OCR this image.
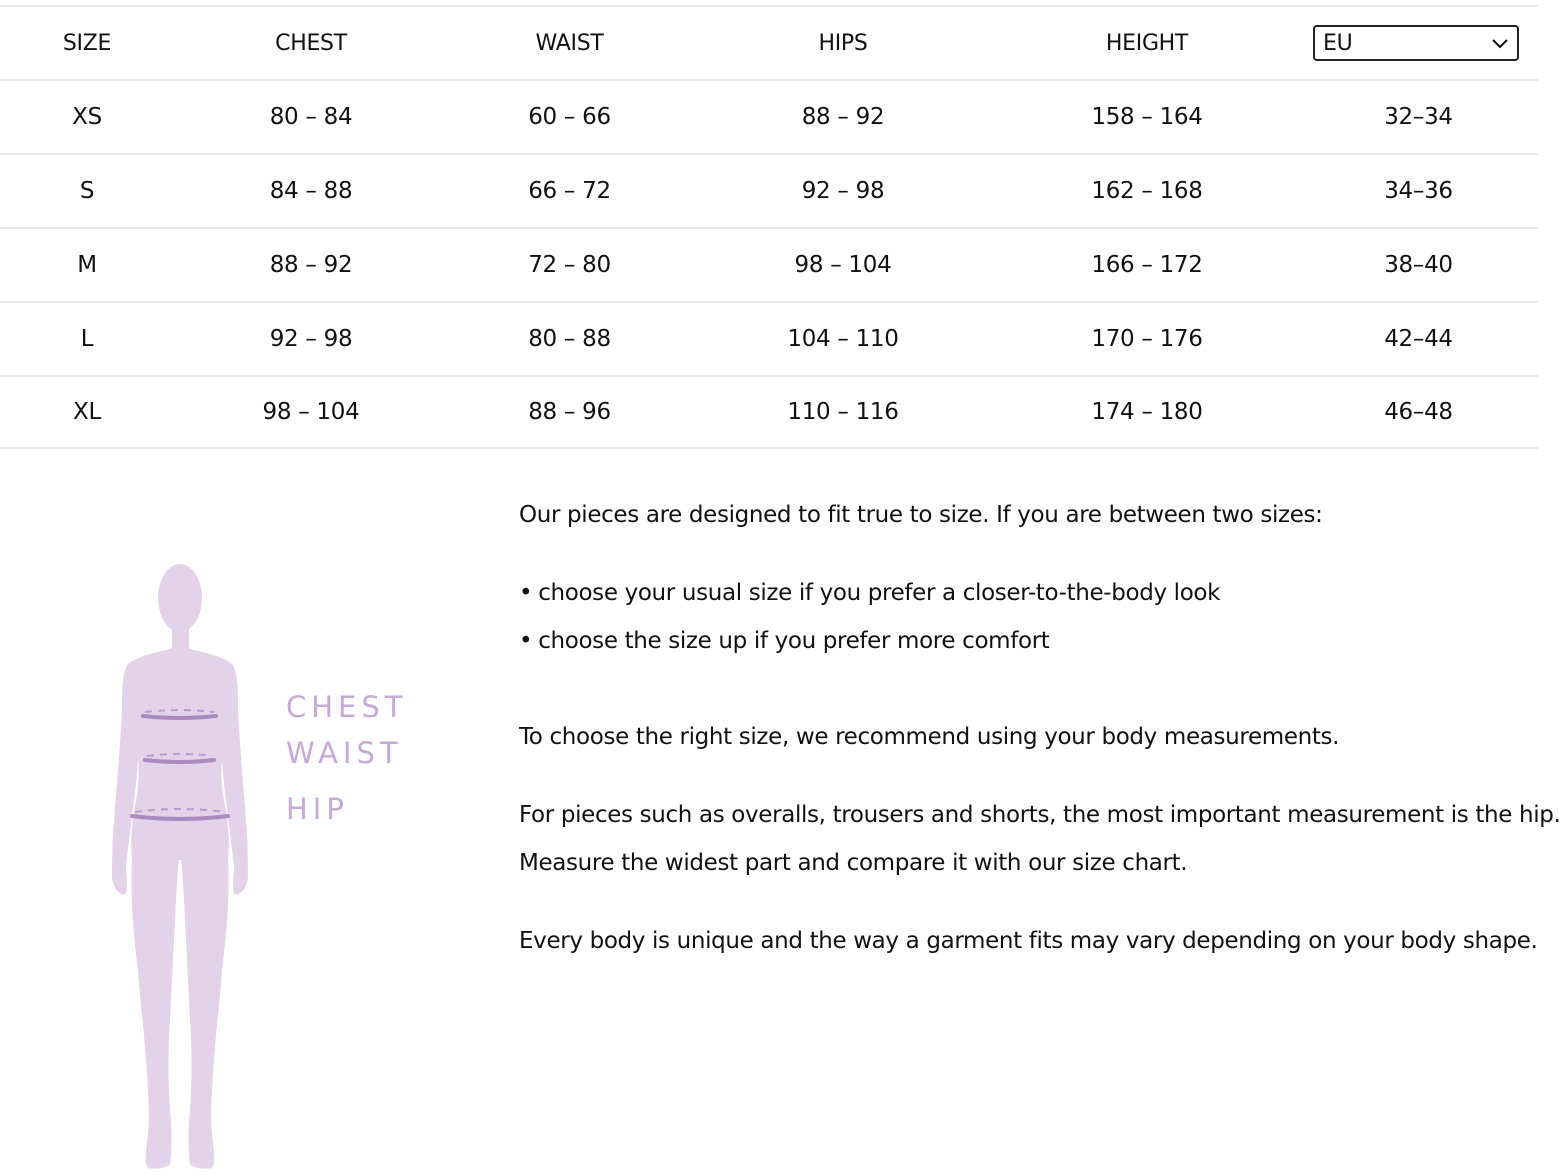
SIZE	CHEST	WAIST	HIPS	HEIGHT	EU
XS	80 – 84	60 – 66	88 – 92	158 – 164	32–34
S	84 – 88	66 – 72	92 – 98	162 – 168	34–36
M	88 – 92	72 – 80	98 – 104	166 – 172	38–40
L	92 – 98	80 – 88	104 – 110	170 – 176	42–44
XL	98 – 104	88 – 96	110 – 116	174 – 180	46–48
CHEST
WAIST
HIP

Our pieces are designed to fit true to size. If you are between two sizes:

• choose your usual size if you prefer a closer-to-the-body look

• choose the size up if you prefer more comfort

To choose the right size, we recommend using your body measurements.

For pieces such as overalls, trousers and shorts, the most important measurement is the hip.

Measure the widest part and compare it with our size chart.

Every body is unique and the way a garment fits may vary depending on your body shape.
